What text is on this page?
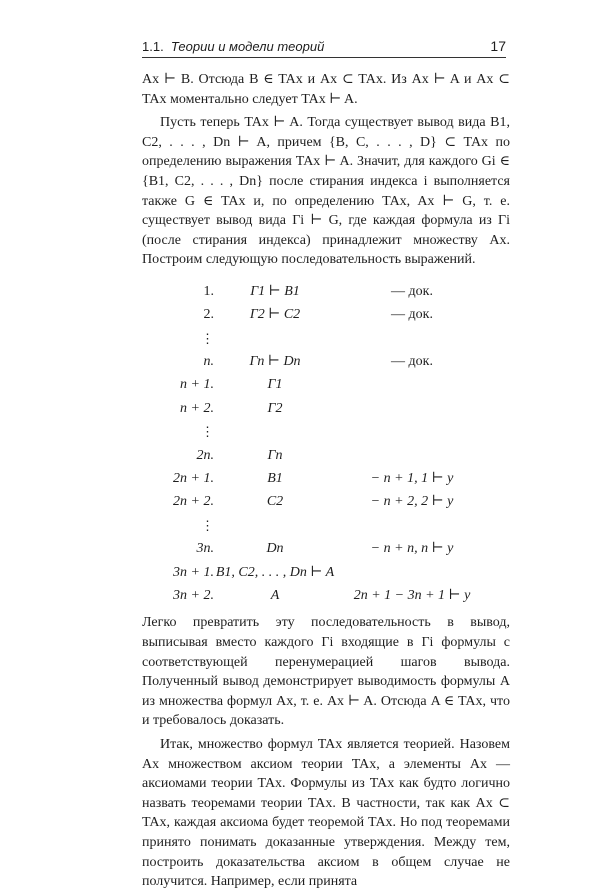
1.1. Теории и модели теорий	17

Ax ⊢ B. Отсюда B ∈ TAx и Ax ⊂ TAx. Из Ax ⊢ A и Ax ⊂ TAx моментально следует TAx ⊢ A.

Пусть теперь TAx ⊢ A. Тогда существует вывод вида B1, C2, . . . , Dn ⊢ A, причем {B, C, . . . , D} ⊂ TAx по определению выражения TAx ⊢ A. Значит, для каждого Gi ∈ {B1, C2, . . . , Dn} после стирания индекса i выполняется также G ∈ TAx и, по определению TAx, Ax ⊢ G, т. е. существует вывод вида Γi ⊢ G, где каждая формула из Γi (после стирания индекса) принадлежит множеству Ax. Построим следующую последовательность выражений.

1.	Γ1 ⊢ B1	— док.
2.	Γ2 ⊢ C2	— док.
⋮		
n.	Γn ⊢ Dn	— док.
n + 1.	Γ1	
n + 2.	Γ2	
⋮		
2n.	Γn	
2n + 1.	B1	− n + 1, 1 ⊢ y
2n + 2.	C2	− n + 2, 2 ⊢ y
⋮		
3n.	Dn	− n + n, n ⊢ y
3n + 1.	B1, C2, . . . , Dn ⊢ A	
3n + 2.	A	2n + 1 − 3n + 1 ⊢ y

Легко превратить эту последовательность в вывод, выписывая вместо каждого Γi входящие в Γi формулы с соответствующей перенумерацией шагов вывода. Полученный вывод демонстрирует выводимость формулы A из множества формул Ax, т. е. Ax ⊢ A. Отсюда A ∈ TAx, что и требовалось доказать.

Итак, множество формул TAx является теорией. Назовем Ax множеством аксиом теории TAx, а элементы Ax — аксиомами теории TAx. Формулы из TAx как будто логично назвать теоремами теории TAx. В частности, так как Ax ⊂ TAx, каждая аксиома будет теоремой TAx. Но под теоремами принято понимать доказанные утверждения. Между тем, построить доказательства аксиом в общем случае не получится. Например, если принята
